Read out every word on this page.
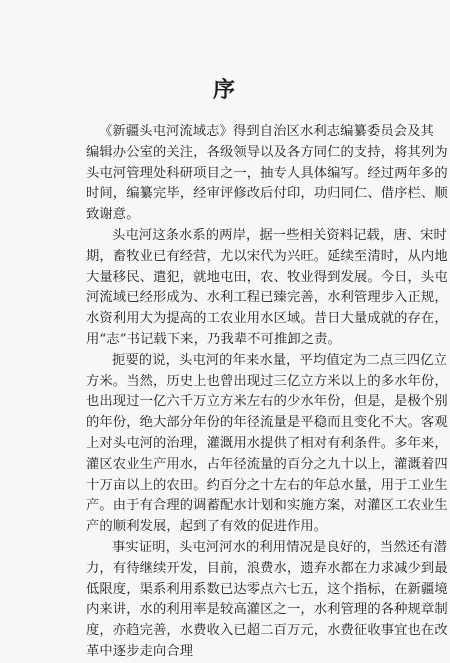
序
《新疆头屯河流域志》得到自治区水利志编纂委员会及其
编辑办公室的关注，各级领导以及各方同仁的支持，将其列为
头屯河管理处科研项目之一，抽专人具体编写。经过两年多的
时间，编纂完毕，经审评修改后付印，功归同仁、借序栏、顺
致谢意。
头屯河这条水系的两岸，据一些相关资料记载，唐、宋时
期，畜牧业已有经营，尤以宋代为兴旺。延续至清时，从内地
大量移民、遣犯，就地屯田，农、牧业得到发展。今日，头屯
河流域已经形成为、水利工程已臻完善，水利管理步入正规，
水资利用大为提高的工农业用水区域。昔日大量成就的存在，
用“志”书记载下来，乃我辈不可推卸之责。
扼要的说，头屯河的年来水量，平均值定为二点三四亿立
方米。当然，历史上也曾出现过三亿立方米以上的多水年份，
也出现过一亿六千万立方米左右的少水年份，但是，是极个别
的年份，绝大部分年份的年径流量是平稳而且变化不大。客观
上对头屯河的治理，灌溉用水提供了相对有利条件。多年来，
灌区农业生产用水，占年径流量的百分之九十以上，灌溉着四
十万亩以上的农田。约百分之十左右的年总水量，用于工业生
产。由于有合理的调蓄配水计划和实施方案，对灌区工农业生
产的顺利发展，起到了有效的促进作用。
事实证明，头屯河河水的利用情况是良好的，当然还有潜
力，有待继续开发，目前，浪费水，遗弃水都在力求减少到最
低限度，渠系利用系数已达零点六七五，这个指标，在新疆境
内来讲，水的利用率是较高灌区之一，水利管理的各种规章制
度，亦趋完善，水费收入已超二百万元，水费征收事宜也在改
革中逐步走向合理
